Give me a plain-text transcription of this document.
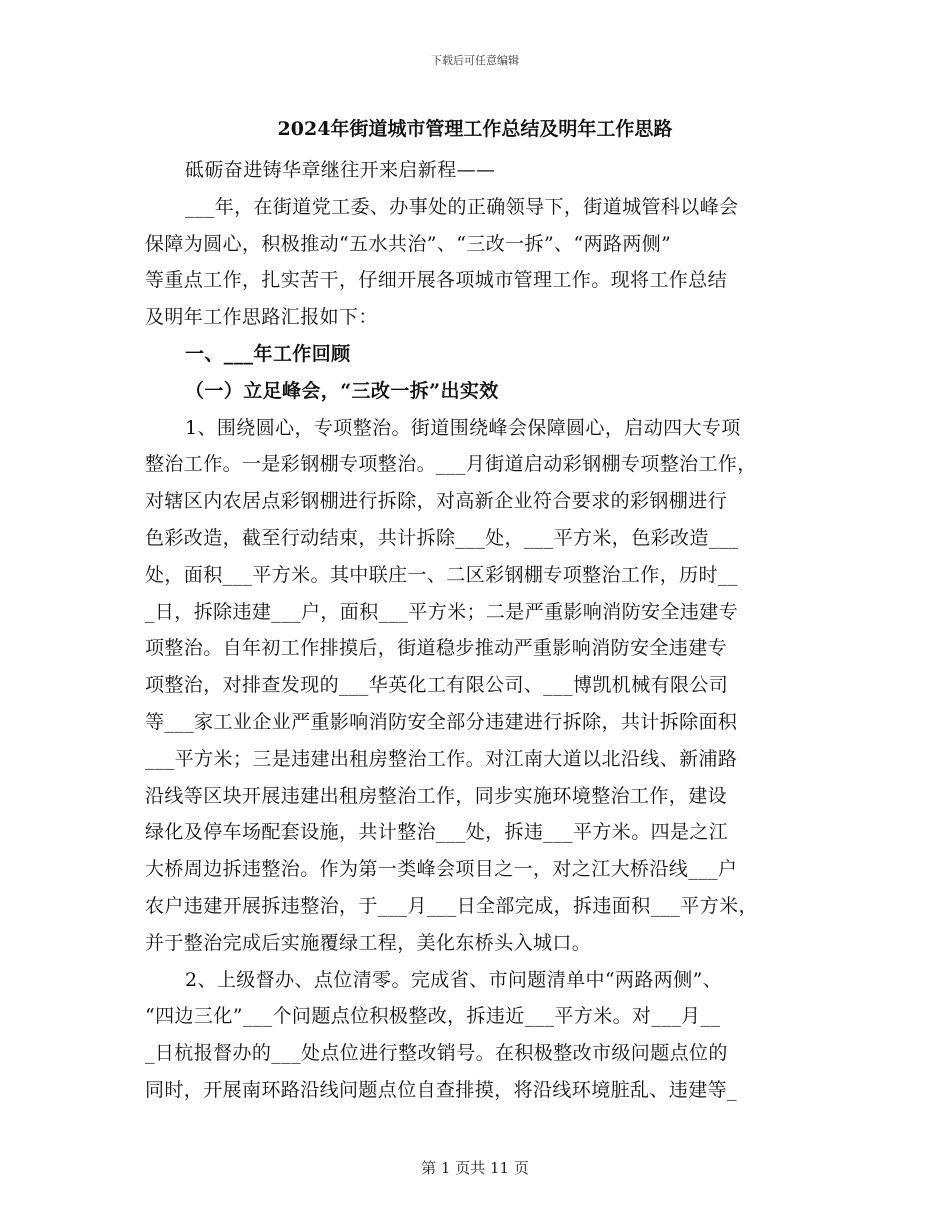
下载后可任意编辑
2024年街道城市管理工作总结及明年工作思路
砥砺奋进铸华章继往开来启新程——
___年，在街道党工委、办事处的正确领导下，街道城管科以峰会
保障为圆心，积极推动“五水共治”、“三改一拆”、“两路两侧”
等重点工作，扎实苦干，仔细开展各项城市管理工作。现将工作总结
及明年工作思路汇报如下：
一、___年工作回顾
（一）立足峰会，“三改一拆”出实效
1、围绕圆心，专项整治。街道围绕峰会保障圆心，启动四大专项
整治工作。一是彩钢棚专项整治。___月街道启动彩钢棚专项整治工作，
对辖区内农居点彩钢棚进行拆除，对高新企业符合要求的彩钢棚进行
色彩改造，截至行动结束，共计拆除___处，___平方米，色彩改造___
处，面积___平方米。其中联庄一、二区彩钢棚专项整治工作，历时__
_日，拆除违建___户，面积___平方米；二是严重影响消防安全违建专
项整治。自年初工作排摸后，街道稳步推动严重影响消防安全违建专
项整治，对排查发现的___华英化工有限公司、___博凯机械有限公司
等___家工业企业严重影响消防安全部分违建进行拆除，共计拆除面积
___平方米；三是违建出租房整治工作。对江南大道以北沿线、新浦路
沿线等区块开展违建出租房整治工作，同步实施环境整治工作，建设
绿化及停车场配套设施，共计整治___处，拆违___平方米。四是之江
大桥周边拆违整治。作为第一类峰会项目之一，对之江大桥沿线___户
农户违建开展拆违整治，于___月___日全部完成，拆违面积___平方米，
并于整治完成后实施覆绿工程，美化东桥头入城口。
2、上级督办、点位清零。完成省、市问题清单中“两路两侧”、
“四边三化”___个问题点位积极整改，拆违近___平方米。对___月__
_日杭报督办的___处点位进行整改销号。在积极整改市级问题点位的
同时，开展南环路沿线问题点位自查排摸，将沿线环境脏乱、违建等_
第 1 页共 11 页
